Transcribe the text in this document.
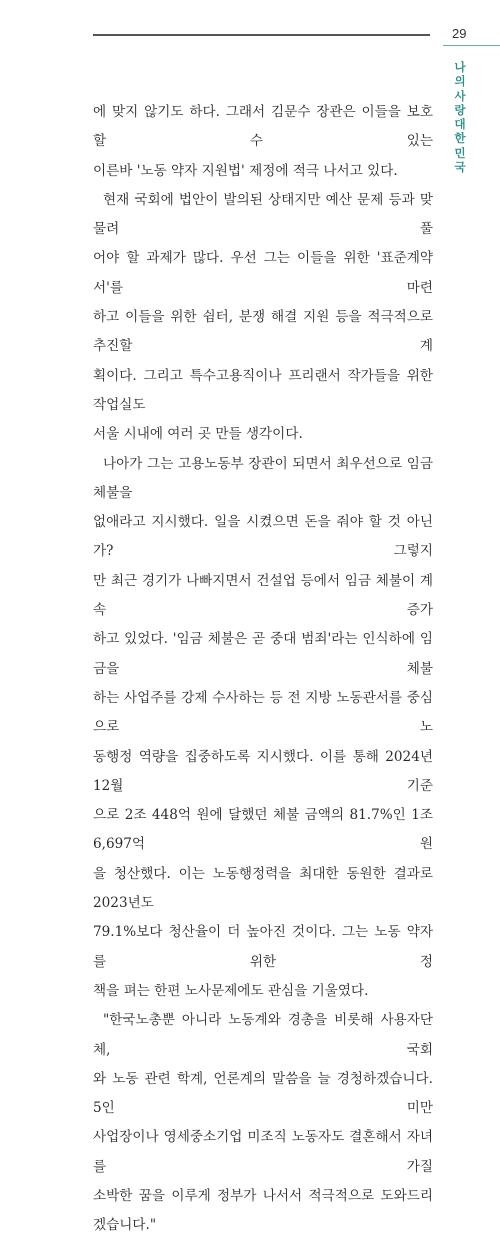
29
나의사랑대한민국

에 맞지 않기도 하다. 그래서 김문수 장관은 이들을 보호할 수 있는

이른바 '노동 약자 지원법' 제정에 적극 나서고 있다.

현재 국회에 법안이 발의된 상태지만 예산 문제 등과 맞물려 풀

어야 할 과제가 많다. 우선 그는 이들을 위한 '표준계약서'를 마련

하고 이들을 위한 쉼터, 분쟁 해결 지원 등을 적극적으로 추진할 계

획이다. 그리고 특수고용직이나 프리랜서 작가들을 위한 작업실도

서울 시내에 여러 곳 만들 생각이다.

나아가 그는 고용노동부 장관이 되면서 최우선으로 임금 체불을

없애라고 지시했다. 일을 시켰으면 돈을 줘야 할 것 아닌가? 그렇지

만 최근 경기가 나빠지면서 건설업 등에서 임금 체불이 계속 증가

하고 있었다. '임금 체불은 곧 중대 범죄'라는 인식하에 임금을 체불

하는 사업주를 강제 수사하는 등 전 지방 노동관서를 중심으로 노

동행정 역량을 집중하도록 지시했다. 이를 통해 2024년 12월 기준

으로 2조 448억 원에 달했던 체불 금액의 81.7%인 1조 6,697억 원

을 청산했다. 이는 노동행정력을 최대한 동원한 결과로 2023년도

79.1%보다 청산율이 더 높아진 것이다. 그는 노동 약자를 위한 정

책을 펴는 한편 노사문제에도 관심을 기울였다.

"한국노총뿐 아니라 노동계와 경총을 비롯해 사용자단체, 국회

와 노동 관련 학계, 언론계의 말씀을 늘 경청하겠습니다. 5인 미만

사업장이나 영세중소기업 미조직 노동자도 결혼해서 자녀를 가질

소박한 꿈을 이루게 정부가 나서서 적극적으로 도와드리겠습니다."
